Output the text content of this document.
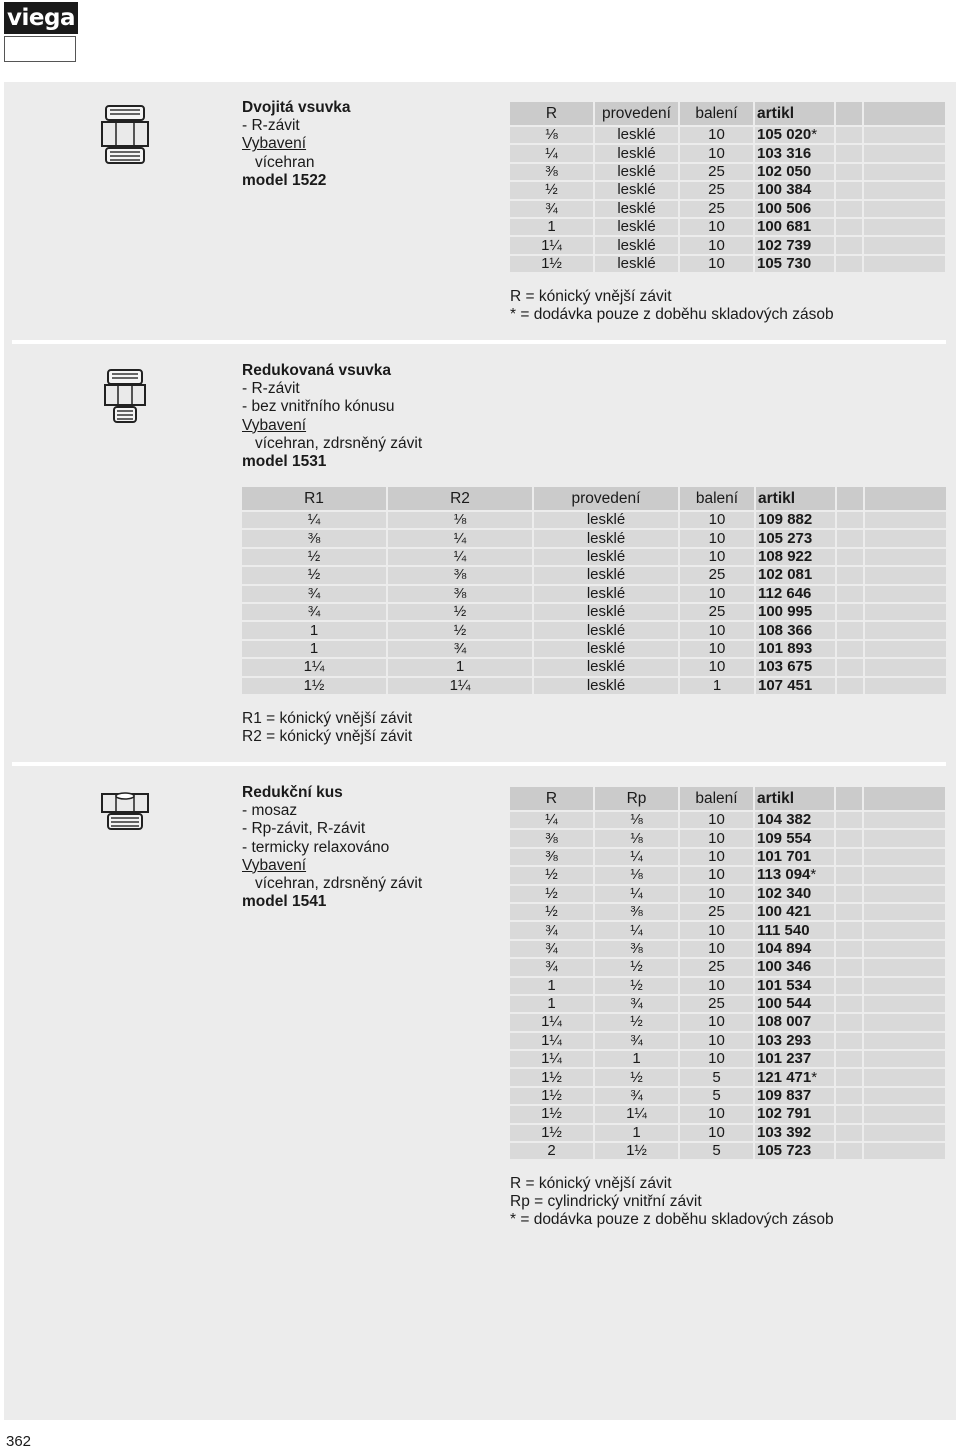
viega
Dvojitá vsuvka
- R-závit
Vybavení
vícehran
model 1522
R	provedení	balení	artikl		
⅛	lesklé	10	105 020*		
¼	lesklé	10	103 316		
⅜	lesklé	25	102 050		
½	lesklé	25	100 384		
¾	lesklé	25	100 506		
1	lesklé	10	100 681		
1¼	lesklé	10	102 739		
1½	lesklé	10	105 730		
R = kónický vnější závit
* = dodávka pouze z doběhu skladových zásob
Redukovaná vsuvka
- R-závit
- bez vnitřního kónusu
Vybavení
vícehran, zdrsněný závit
model 1531
R1	R2	provedení	balení	artikl		
¼	⅛	lesklé	10	109 882		
⅜	¼	lesklé	10	105 273		
½	¼	lesklé	10	108 922		
½	⅜	lesklé	25	102 081		
¾	⅜	lesklé	10	112 646		
¾	½	lesklé	25	100 995		
1	½	lesklé	10	108 366		
1	¾	lesklé	10	101 893		
1¼	1	lesklé	10	103 675		
1½	1¼	lesklé	1	107 451		
R1 = kónický vnější závit
R2 = kónický vnější závit
Redukční kus
- mosaz
- Rp-závit, R-závit
- termicky relaxováno
Vybavení
vícehran, zdrsněný závit
model 1541
R	Rp	balení	artikl		
¼	⅛	10	104 382		
⅜	⅛	10	109 554		
⅜	¼	10	101 701		
½	⅛	10	113 094*		
½	¼	10	102 340		
½	⅜	25	100 421		
¾	¼	10	111 540		
¾	⅜	10	104 894		
¾	½	25	100 346		
1	½	10	101 534		
1	¾	25	100 544		
1¼	½	10	108 007		
1¼	¾	10	103 293		
1¼	1	10	101 237		
1½	½	5	121 471*		
1½	¾	5	109 837		
1½	1¼	10	102 791		
1½	1	10	103 392		
2	1½	5	105 723		
R = kónický vnější závit
Rp = cylindrický vnitřní závit
* = dodávka pouze z doběhu skladových zásob
362
